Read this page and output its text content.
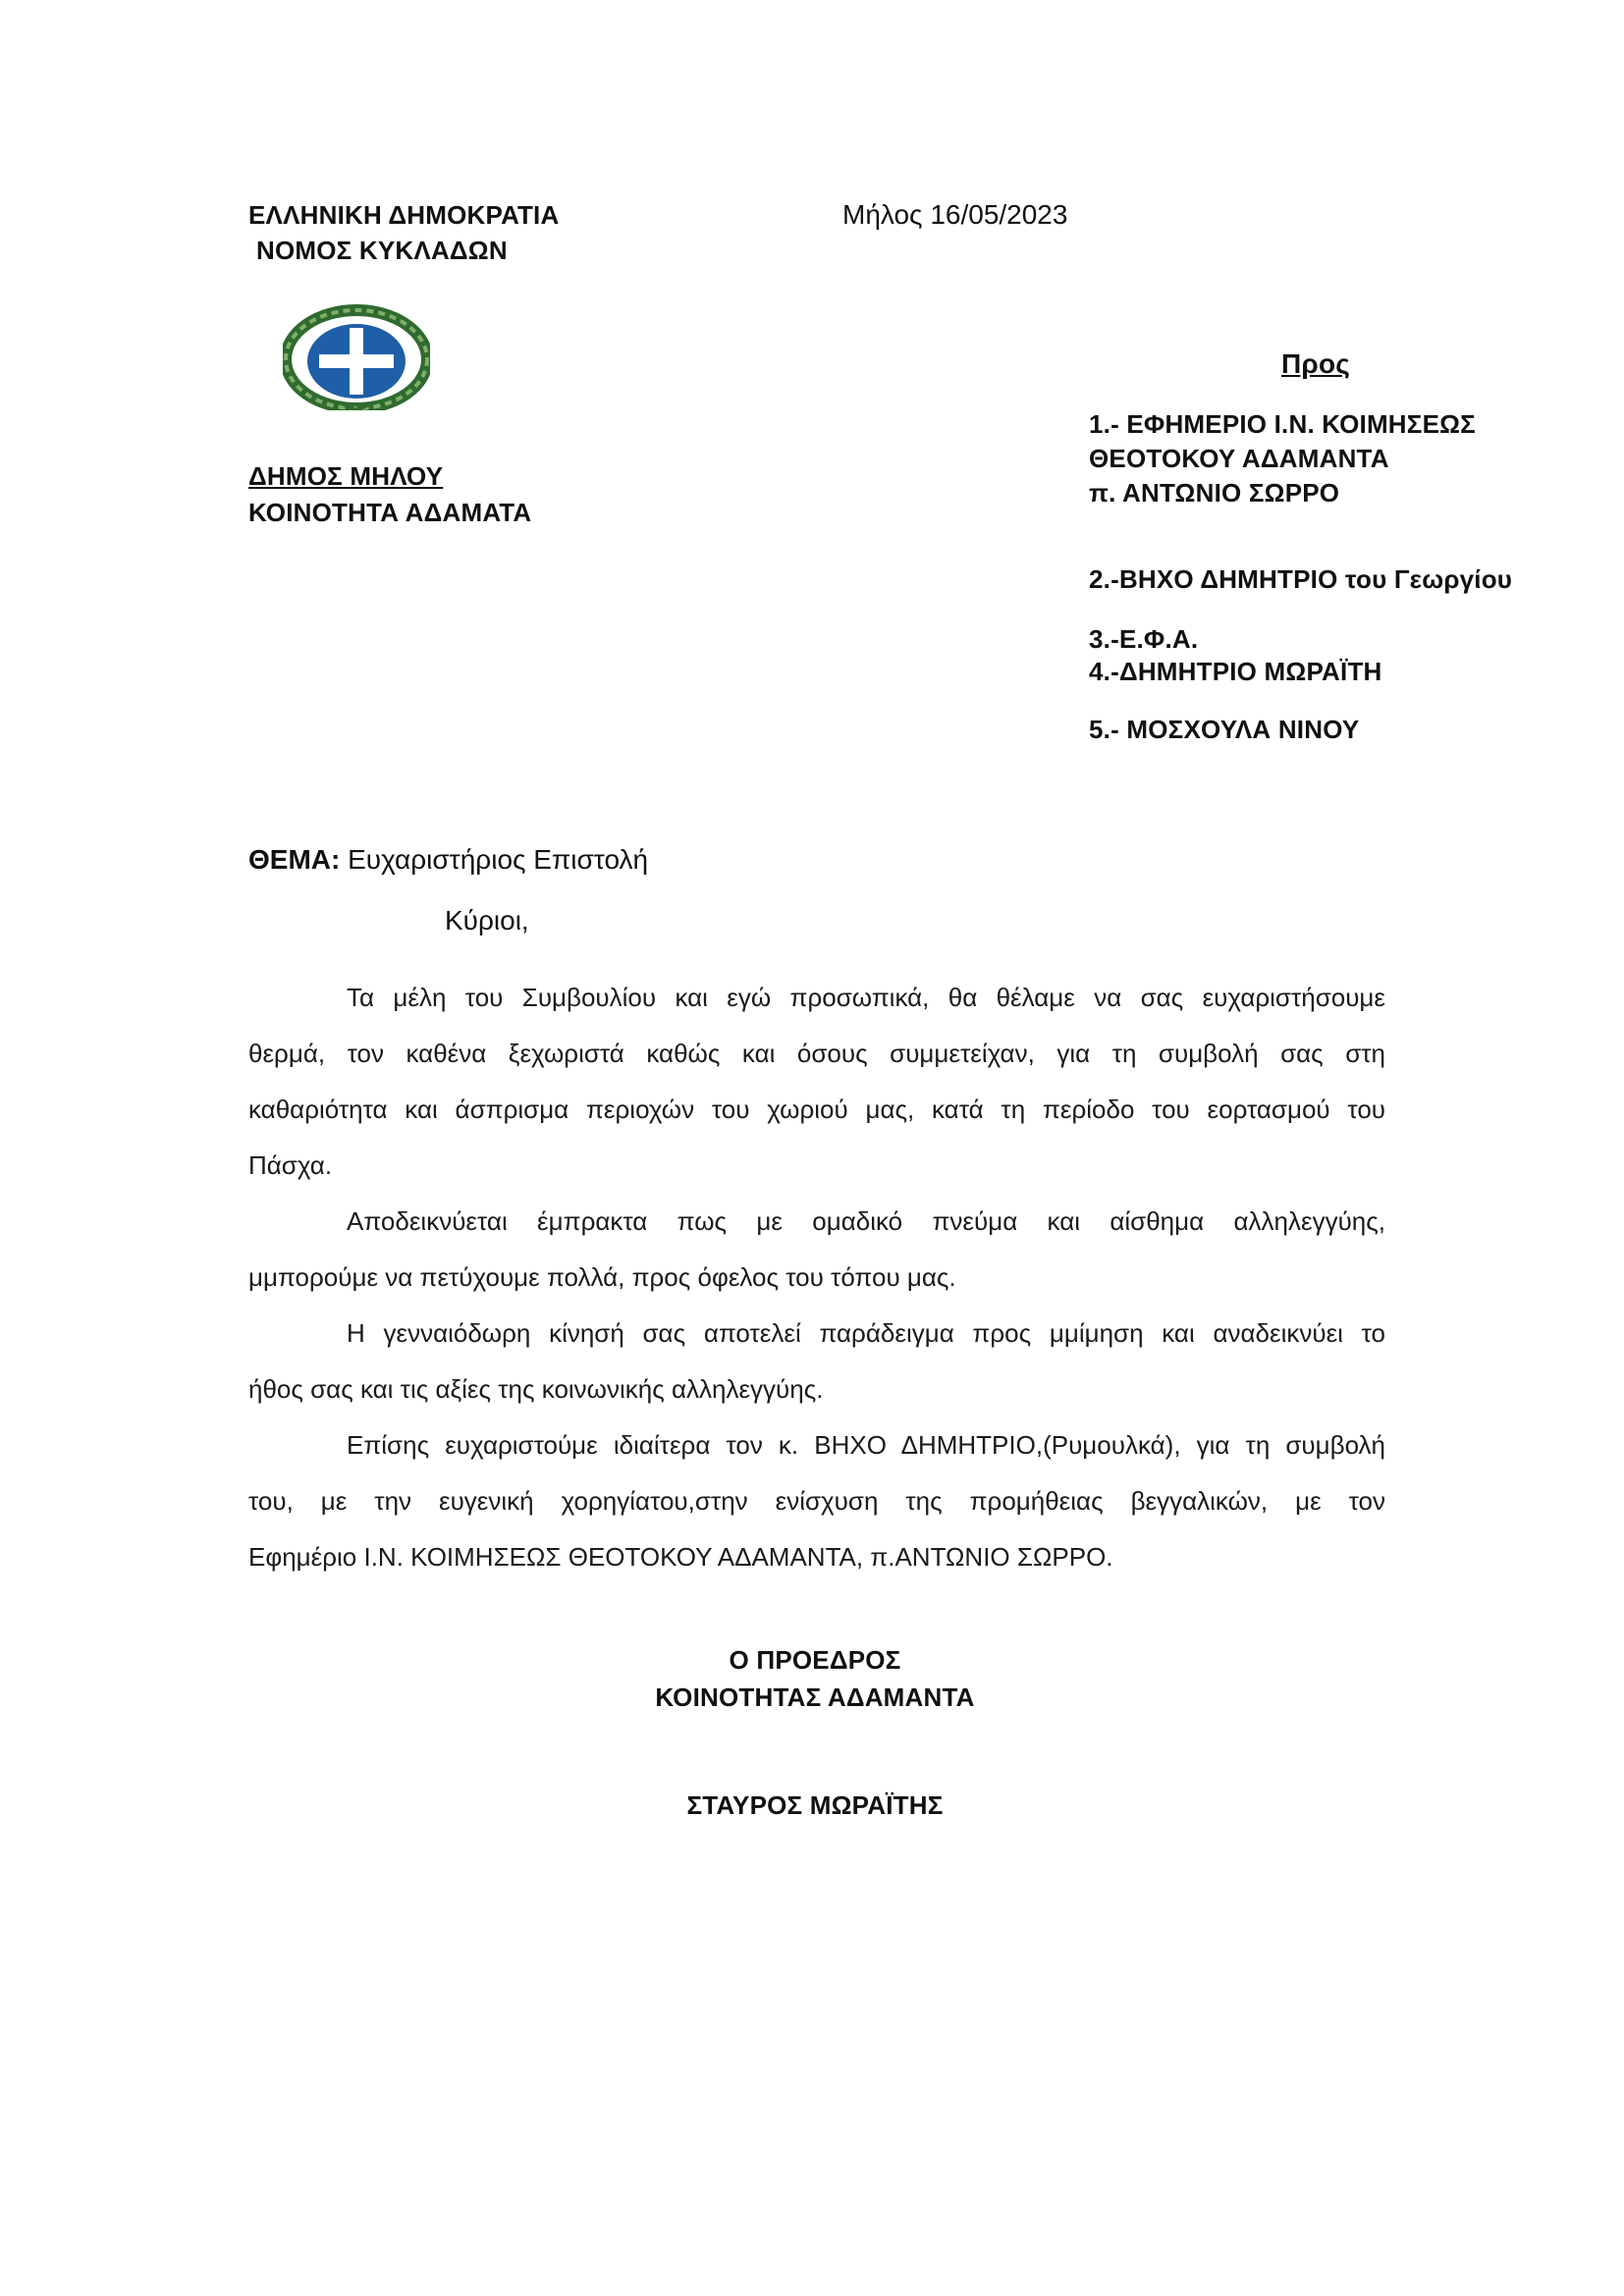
ΕΛΛΗΝΙΚΗ ΔΗΜΟΚΡΑΤΙΑ
ΝΟΜΟΣ ΚΥΚΛΑΔΩΝ
Μήλος 16/05/2023
ΔΗΜΟΣ ΜΗΛΟΥ
ΚΟΙΝΟΤΗΤΑ ΑΔΑΜΑΤΑ
Προς
1.- ΕΦΗΜΕΡΙΟ Ι.Ν. ΚΟΙΜΗΣΕΩΣ
ΘΕΟΤΟΚΟΥ ΑΔΑΜΑΝΤΑ
π. ΑΝΤΩΝΙΟ ΣΩΡΡΟ
2.-ΒΗΧΟ ΔΗΜΗΤΡΙΟ του Γεωργίου
3.-Ε.Φ.Α.
4.-ΔΗΜΗΤΡΙΟ ΜΩΡΑΪΤΗ
5.- ΜΟΣΧΟΥΛΑ ΝΙΝΟΥ
ΘΕΜΑ: Ευχαριστήριος Επιστολή
Κύριοι,
Τα μέλη του Συμβουλίου και εγώ προσωπικά, θα θέλαμε να σας ευχαριστήσουμε
θερμά, τον καθένα ξεχωριστά καθώς και όσους συμμετείχαν, για τη συμβολή σας στη
καθαριότητα και άσπρισμα περιοχών του χωριού μας, κατά τη περίοδο του εορτασμού του
Πάσχα.
Αποδεικνύεται έμπρακτα πως με ομαδικό πνεύμα και αίσθημα αλληλεγγύης,
μμπορούμε να πετύχουμε πολλά, προς όφελος του τόπου μας.
Η γενναιόδωρη κίνησή σας αποτελεί παράδειγμα προς μμίμηση και αναδεικνύει το
ήθος σας και τις αξίες της κοινωνικής αλληλεγγύης.
Επίσης ευχαριστούμε ιδιαίτερα τον κ. ΒΗΧΟ ΔΗΜΗΤΡΙΟ,(Ρυμουλκά), για τη συμβολή
του, με την ευγενική χορηγίατου,στην ενίσχυση της προμήθειας βεγγαλικών, με τον
Εφημέριο Ι.Ν. ΚΟΙΜΗΣΕΩΣ ΘΕΟΤΟΚΟΥ ΑΔΑΜΑΝΤΑ, π.ΑΝΤΩΝΙΟ ΣΩΡΡΟ.
Ο ΠΡΟΕΔΡΟΣ
ΚΟΙΝΟΤΗΤΑΣ ΑΔΑΜΑΝΤΑ
ΣΤΑΥΡΟΣ ΜΩΡΑΪΤΗΣ
